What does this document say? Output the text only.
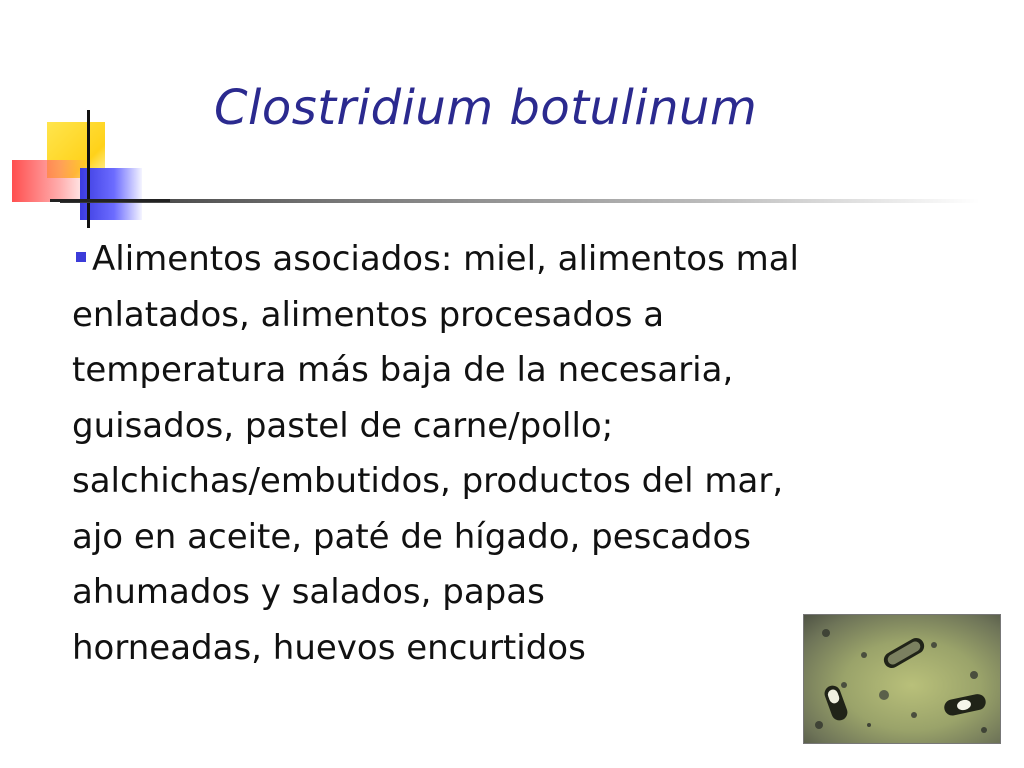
Clostridium botulinum

Alimentos asociados: miel, alimentos mal
enlatados, alimentos procesados a
temperatura más baja de la necesaria,
guisados, pastel de carne/pollo;
salchichas/embutidos, productos del mar,
ajo en aceite, paté de hígado, pescados
ahumados y salados, papas
horneadas, huevos encurtidos
